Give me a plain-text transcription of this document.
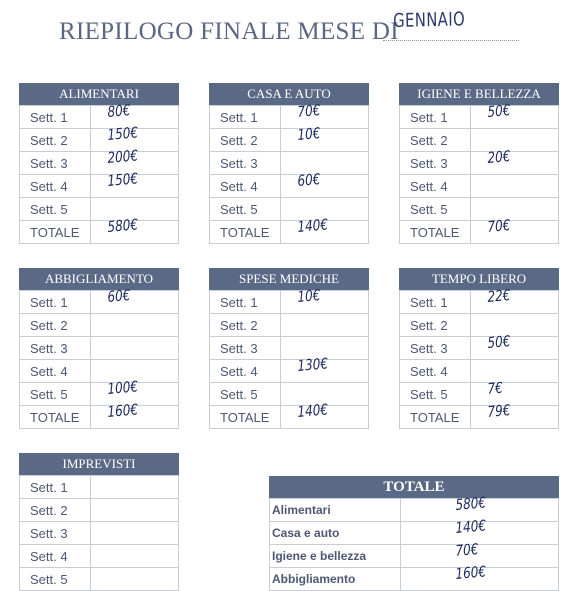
RIEPILOGO FINALE MESE DI
GENNAIO
ALIMENTARI
Sett. 1	80€

Sett. 2	150€

Sett. 3	200€

Sett. 4	150€

Sett. 5	

TOTALE	580€
CASA E AUTO
Sett. 1	70€

Sett. 2	10€

Sett. 3	

Sett. 4	60€

Sett. 5	

TOTALE	140€
IGIENE E BELLEZZA
Sett. 1	50€

Sett. 2	

Sett. 3	20€

Sett. 4	

Sett. 5	

TOTALE	70€
ABBIGLIAMENTO
Sett. 1	60€

Sett. 2	

Sett. 3	

Sett. 4	

Sett. 5	100€

TOTALE	160€
SPESE MEDICHE
Sett. 1	10€

Sett. 2	

Sett. 3	

Sett. 4	130€

Sett. 5	

TOTALE	140€
TEMPO LIBERO
Sett. 1	22€

Sett. 2	

Sett. 3	50€

Sett. 4	

Sett. 5	7€

TOTALE	79€
IMPREVISTI
Sett. 1	

Sett. 2	

Sett. 3	

Sett. 4	

Sett. 5	
TOTALE
Alimentari	580€

Casa e auto	140€

Igiene e bellezza	70€

Abbigliamento	160€
